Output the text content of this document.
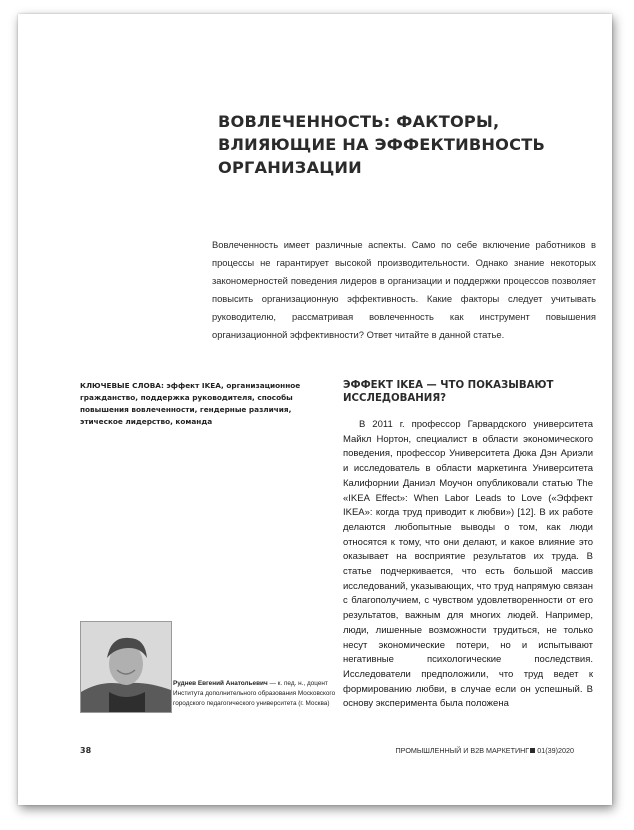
ВОВЛЕЧЕННОСТЬ: ФАКТОРЫ, ВЛИЯЮЩИЕ НА ЭФФЕКТИВНОСТЬ ОРГАНИЗАЦИИ
Вовлеченность имеет различные аспекты. Само по себе включение работников в процессы не гарантирует высокой производительности. Однако знание некоторых закономерностей поведения лидеров в организации и поддержки процессов позволяет повысить организационную эффективность. Какие факторы следует учитывать руководителю, рассматривая вовлеченность как инструмент повышения организационной эффективности? Ответ читайте в данной статье.
КЛЮЧЕВЫЕ СЛОВА: эффект IKEA, организационное гражданство, поддержка руководителя, способы повышения вовлеченности, гендерные различия, этическое лидерство, команда
ЭФФЕКТ IKEA — ЧТО ПОКАЗЫВАЮТ ИССЛЕДОВАНИЯ?

В 2011 г. профессор Гарвардского университета Майкл Нортон, специалист в области экономического поведения, профессор Университета Дюка Дэн Ариэли и исследователь в области маркетинга Университета Калифорнии Даниэл Моучон опубликовали статью The «IKEA Effect»: When Labor Leads to Love («Эффект IKEA»: когда труд приводит к любви») [12]. В их работе делаются любопытные выводы о том, как люди относятся к тому, что они делают, и какое влияние это оказывает на восприятие результатов их труда. В статье подчеркивается, что есть большой массив исследований, указывающих, что труд напрямую связан с благополучием, с чувством удовлетворенности от его результатов, важным для многих людей. Например, люди, лишенные возможности трудиться, не только несут экономические потери, но и испытывают негативные психологические последствия. Исследователи предположили, что труд ведет к формированию любви, в случае если он успешный. В основу эксперимента была положена

Руднев Евгений Анатольевич — к. пед. н., доцент Института дополнительного образования Московского городского педагогического университета (г. Москва)
38	ПРОМЫШЛЕННЫЙ И B2B МАРКЕТИНГ 01(39)2020
